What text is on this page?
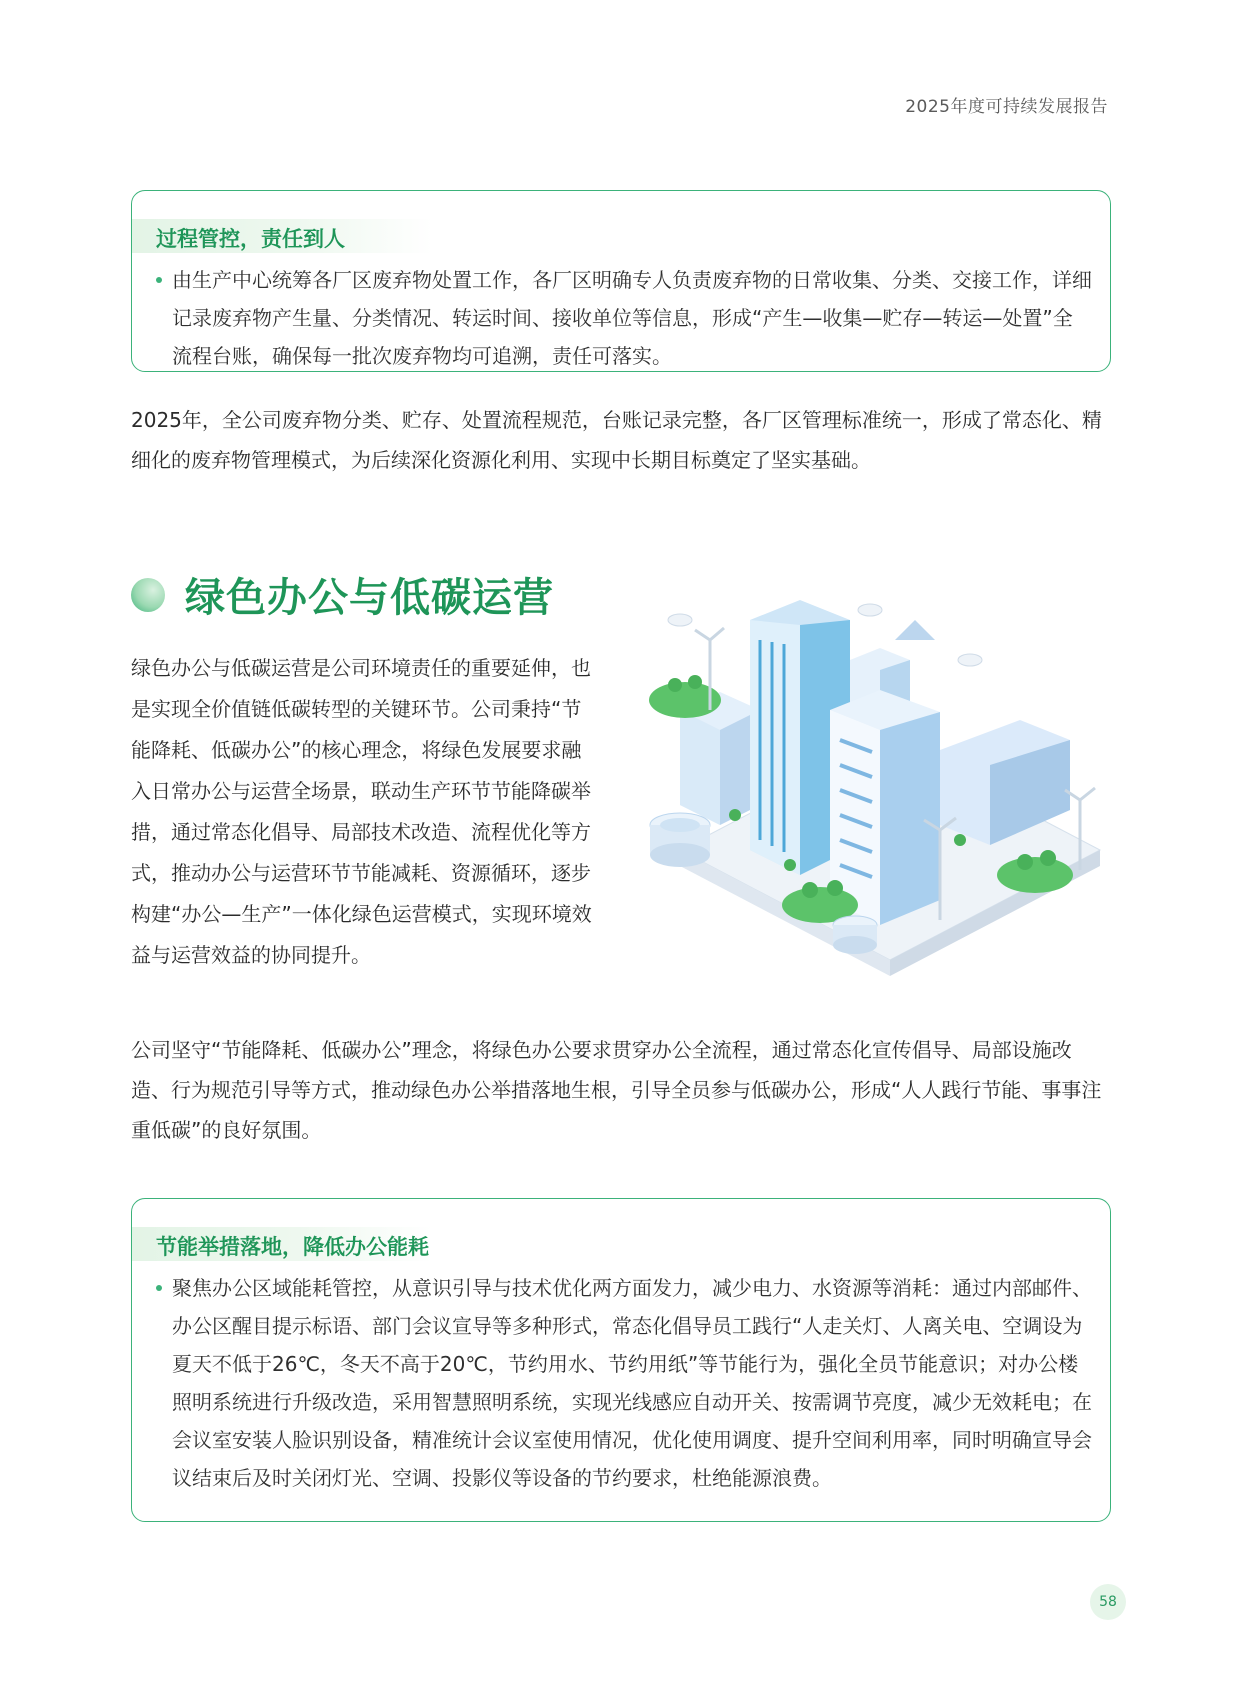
2025年度可持续发展报告
过程管控，责任到人

由生产中心统筹各厂区废弃物处置工作，各厂区明确专人负责废弃物的日常收集、分类、交接工作，详细记录废弃物产生量、分类情况、转运时间、接收单位等信息，形成“产生—收集—贮存—转运—处置”全流程台账，确保每一批次废弃物均可追溯，责任可落实。

2025年，全公司废弃物分类、贮存、处置流程规范，台账记录完整，各厂区管理标准统一，形成了常态化、精细化的废弃物管理模式，为后续深化资源化利用、实现中长期目标奠定了坚实基础。

绿色办公与低碳运营

绿色办公与低碳运营是公司环境责任的重要延伸，也是实现全价值链低碳转型的关键环节。公司秉持“节能降耗、低碳办公”的核心理念，将绿色发展要求融入日常办公与运营全场景，联动生产环节节能降碳举措，通过常态化倡导、局部技术改造、流程优化等方式，推动办公与运营环节节能减耗、资源循环，逐步构建“办公—生产”一体化绿色运营模式，实现环境效益与运营效益的协同提升。

公司坚守“节能降耗、低碳办公”理念，将绿色办公要求贯穿办公全流程，通过常态化宣传倡导、局部设施改造、行为规范引导等方式，推动绿色办公举措落地生根，引导全员参与低碳办公，形成“人人践行节能、事事注重低碳”的良好氛围。

节能举措落地，降低办公能耗

聚焦办公区域能耗管控，从意识引导与技术优化两方面发力，减少电力、水资源等消耗：通过内部邮件、办公区醒目提示标语、部门会议宣导等多种形式，常态化倡导员工践行“人走关灯、人离关电、空调设为夏天不低于26℃，冬天不高于20℃，节约用水、节约用纸”等节能行为，强化全员节能意识；对办公楼照明系统进行升级改造，采用智慧照明系统，实现光线感应自动开关、按需调节亮度，减少无效耗电；在会议室安装人脸识别设备，精准统计会议室使用情况，优化使用调度、提升空间利用率，同时明确宣导会议结束后及时关闭灯光、空调、投影仪等设备的节约要求，杜绝能源浪费。

58
